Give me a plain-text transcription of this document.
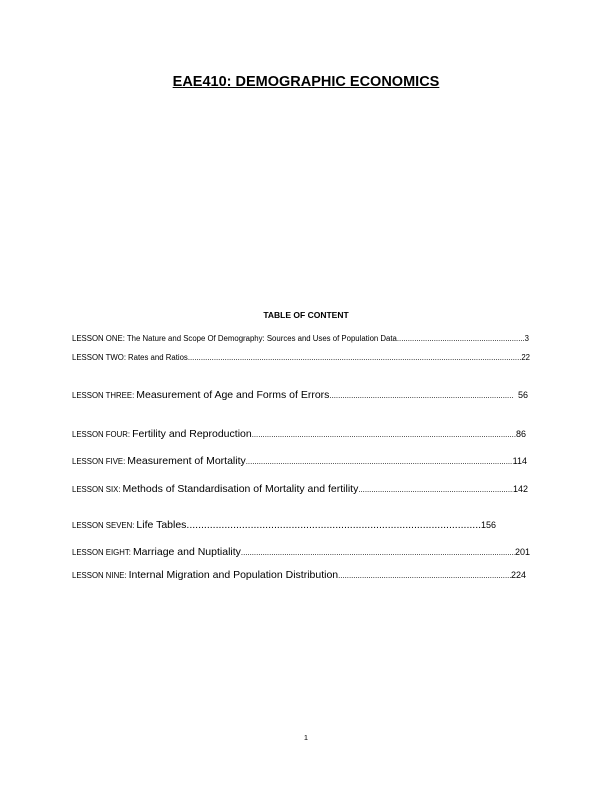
EAE410: DEMOGRAPHIC ECONOMICS
TABLE OF CONTENT
LESSON ONE: The Nature and Scope Of Demography: Sources and Uses of Population Data .....	3
LESSON TWO: Rates and Ratios .....	22
LESSON THREE: Measurement of Age and Forms of Errors .....	56
LESSON FOUR: Fertility and Reproduction .....	86
LESSON FIVE: Measurement of Mortality .....	114
LESSON SIX: Methods of Standardisation of Mortality and fertility .....	142
LESSON SEVEN: Life Tables .....	156
LESSON EIGHT: Marriage and Nuptiality .....	201
LESSON NINE: Internal Migration and Population Distribution .....	224
1
